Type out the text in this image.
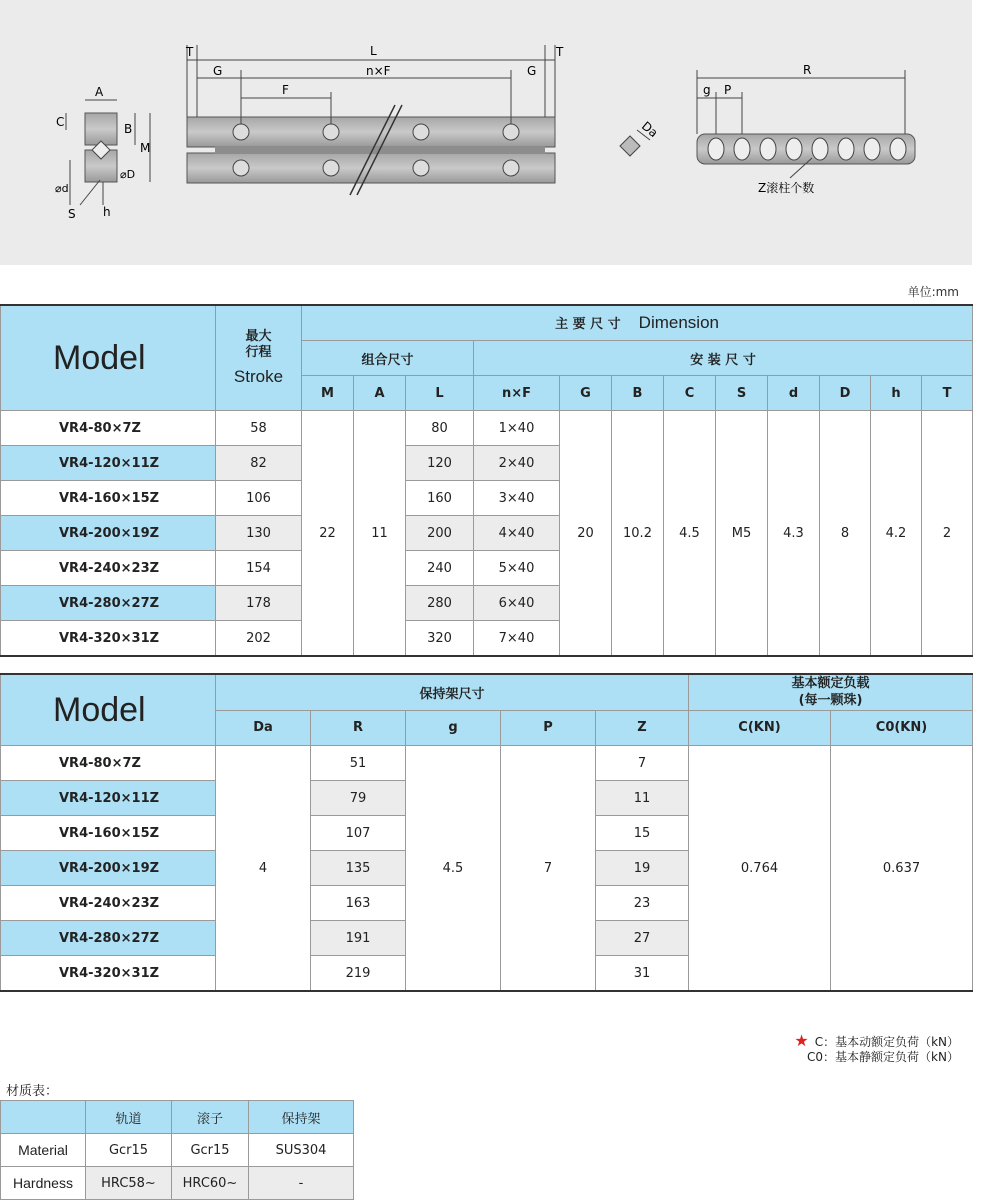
A
C	B
M
⌀d
⌀D
S h
T	T
L
G	G
n×F
F
Da
R
g P
Z滚柱个数
单位:mm
Model	最大行程
Stroke	主 要 尺 寸 Dimension											
		组合尺寸			安 装 尺 寸								
		M	A	L	n×F	G	B	C	S	d	D	h	T
VR4-80×7Z	58	22	11	80	1×40	20	10.2	4.5	M5	4.3	8	4.2	2
VR4-120×11Z	82			120	2×40								
VR4-160×15Z	106			160	3×40								
VR4-200×19Z	130			200	4×40								
VR4-240×23Z	154			240	5×40								
VR4-280×27Z	178			280	6×40								
VR4-320×31Z	202			320	7×40								
Model	保持架尺寸					基本额定负载
(每一颗珠)	
	Da	R	g	P	Z	C(KN)	C0(KN)
VR4-80×7Z	4	51	4.5	7	7	0.764	0.637
VR4-120×11Z		79			11		
VR4-160×15Z		107			15		
VR4-200×19Z		135			19		
VR4-240×23Z		163			23		
VR4-280×27Z		191			27		
VR4-320×31Z		219			31		
★ C：基本动额定负荷（kN）
C0：基本静额定负荷（kN）
材质表：
	轨道	滚子	保持架
Material	Gcr15	Gcr15	SUS304
Hardness	HRC58~	HRC60~	-
